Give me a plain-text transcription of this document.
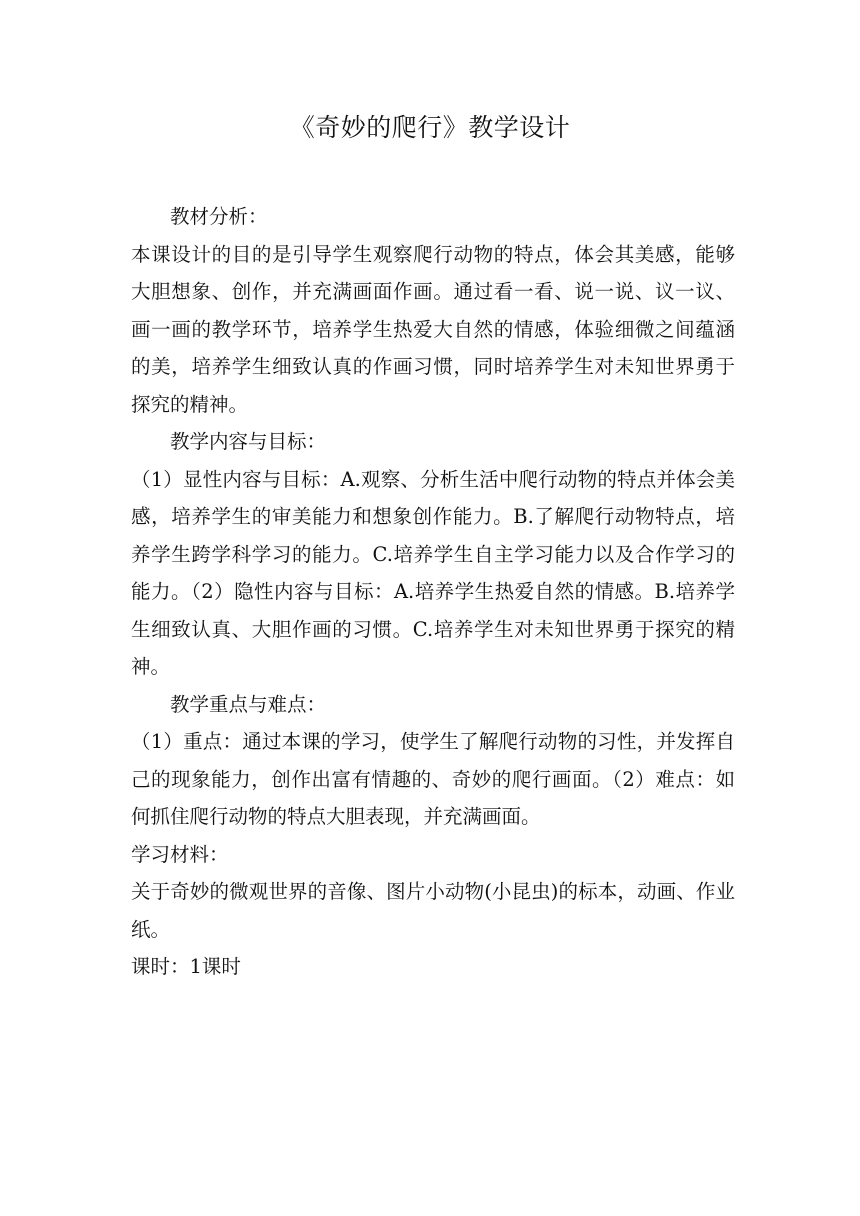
《奇妙的爬行》教学设计

教材分析：

本课设计的目的是引导学生观察爬行动物的特点，体会其美感，能够大胆想象、创作，并充满画面作画。通过看一看、说一说、议一议、画一画的教学环节，培养学生热爱大自然的情感，体验细微之间蕴涵的美，培养学生细致认真的作画习惯，同时培养学生对未知世界勇于探究的精神。

教学内容与目标：

（1）显性内容与目标：A.观察、分析生活中爬行动物的特点并体会美感，培养学生的审美能力和想象创作能力。B.了解爬行动物特点，培养学生跨学科学习的能力。C.培养学生自主学习能力以及合作学习的能力。（2）隐性内容与目标：A.培养学生热爱自然的情感。B.培养学生细致认真、大胆作画的习惯。C.培养学生对未知世界勇于探究的精神。

教学重点与难点：

（1）重点：通过本课的学习，使学生了解爬行动物的习性，并发挥自己的现象能力，创作出富有情趣的、奇妙的爬行画面。（2）难点：如何抓住爬行动物的特点大胆表现，并充满画面。

学习材料：

关于奇妙的微观世界的音像、图片小动物(小昆虫)的标本，动画、作业纸。

课时：1课时
